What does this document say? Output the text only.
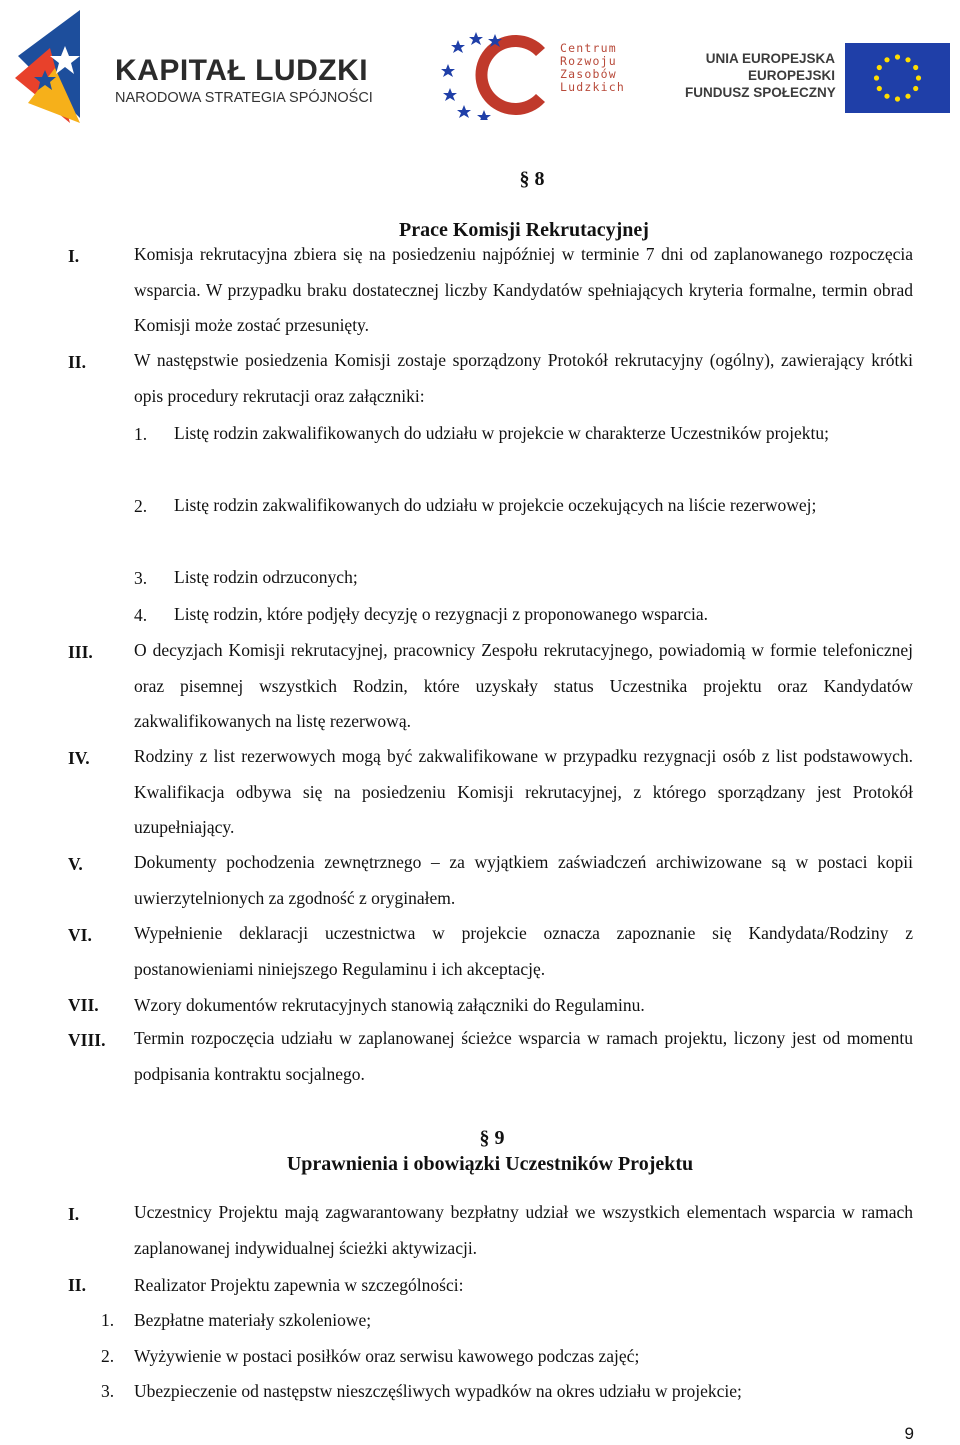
KAPITAŁ LUDZKI
NARODOWA STRATEGIA SPÓJNOŚCI
Centrum
Rozwoju
Zasobów
Ludzkich
UNIA EUROPEJSKA
EUROPEJSKI
FUNDUSZ SPOŁECZNY
§ 8
Prace Komisji Rekrutacyjnej
I.	Komisja rekrutacyjna zbiera się na posiedzeniu najpóźniej w terminie 7 dni od zaplanowanego rozpoczęcia wsparcia. W przypadku braku dostatecznej liczby Kandydatów spełniających kryteria formalne, termin obrad Komisji może zostać przesunięty.
II.	W następstwie posiedzenia Komisji zostaje sporządzony Protokół rekrutacyjny (ogólny), zawierający krótki opis procedury rekrutacji oraz załączniki:
1. Listę rodzin zakwalifikowanych do udziału w projekcie w charakterze Uczestników projektu;
2. Listę rodzin zakwalifikowanych do udziału w projekcie oczekujących na liście rezerwowej;
3. Listę rodzin odrzuconych;
4. Listę rodzin, które podjęły decyzję o rezygnacji z proponowanego wsparcia.
III. O decyzjach Komisji rekrutacyjnej, pracownicy Zespołu rekrutacyjnego, powiadomią w formie telefonicznej oraz pisemnej wszystkich Rodzin, które uzyskały status Uczestnika projektu oraz Kandydatów zakwalifikowanych na listę rezerwową.
IV.	Rodziny z list rezerwowych mogą być zakwalifikowane w przypadku rezygnacji osób z list podstawowych. Kwalifikacja odbywa się na posiedzeniu Komisji rekrutacyjnej, z którego sporządzany jest Protokół uzupełniający.
V.	Dokumenty pochodzenia zewnętrznego – za wyjątkiem zaświadczeń archiwizowane są w postaci kopii uwierzytelnionych za zgodność z oryginałem.
VI. Wypełnienie deklaracji uczestnictwa w projekcie oznacza zapoznanie się Kandydata/Rodziny z postanowieniami niniejszego Regulaminu i ich akceptację.
VII. Wzory dokumentów rekrutacyjnych stanowią załączniki do Regulaminu.
VIII. Termin rozpoczęcia udziału w zaplanowanej ścieżce wsparcia w ramach projektu, liczony jest od momentu podpisania kontraktu socjalnego.
§ 9
Uprawnienia i obowiązki Uczestników Projektu
I.	Uczestnicy Projektu mają zagwarantowany bezpłatny udział we wszystkich elementach wsparcia w ramach zaplanowanej indywidualnej ścieżki aktywizacji.
II.	Realizator Projektu zapewnia w szczególności:
1. Bezpłatne materiały szkoleniowe;
2. Wyżywienie w postaci posiłków oraz serwisu kawowego podczas zajęć;
3. Ubezpieczenie od następstw nieszczęśliwych wypadków na okres udziału w projekcie;
9
